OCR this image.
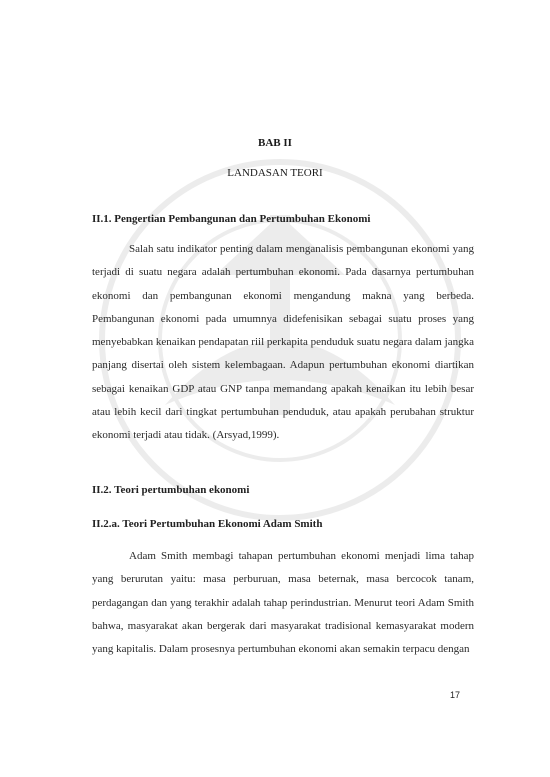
BAB II
LANDASAN TEORI
II.1. Pengertian Pembangunan dan Pertumbuhan Ekonomi
Salah satu indikator penting dalam menganalisis pembangunan ekonomi yang terjadi di suatu negara adalah pertumbuhan ekonomi. Pada dasarnya pertumbuhan ekonomi dan pembangunan ekonomi mengandung makna yang berbeda. Pembangunan ekonomi pada umumnya didefenisikan sebagai suatu proses yang menyebabkan kenaikan pendapatan riil perkapita penduduk suatu negara dalam jangka panjang disertai oleh sistem kelembagaan. Adapun pertumbuhan ekonomi diartikan sebagai kenaikan GDP atau GNP tanpa memandang apakah kenaikan itu lebih besar atau lebih kecil dari tingkat pertumbuhan penduduk, atau apakah perubahan struktur ekonomi terjadi atau tidak. (Arsyad,1999).
II.2. Teori pertumbuhan ekonomi
II.2.a. Teori Pertumbuhan Ekonomi Adam Smith
Adam Smith membagi tahapan pertumbuhan ekonomi menjadi lima tahap yang berurutan yaitu: masa perburuan, masa beternak, masa bercocok tanam, perdagangan dan yang terakhir adalah tahap perindustrian. Menurut teori Adam Smith bahwa, masyarakat akan bergerak dari masyarakat tradisional kemasyarakat modern yang kapitalis. Dalam prosesnya pertumbuhan ekonomi akan semakin terpacu dengan
17
